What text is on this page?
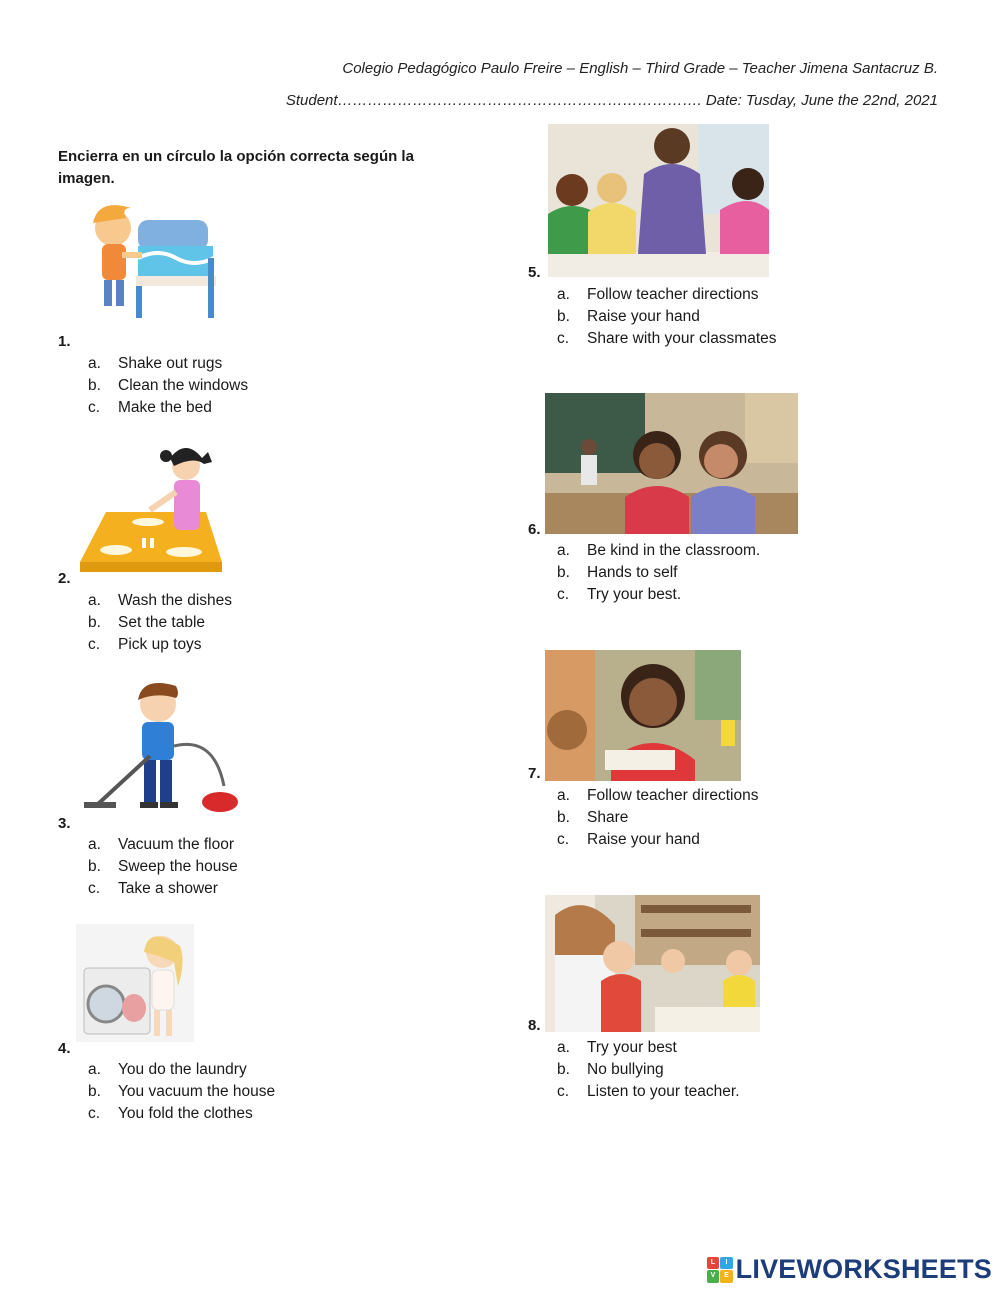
Colegio Pedagógico Paulo Freire – English – Third Grade – Teacher Jimena Santacruz B.
Student………………………………………………………………. Date: Tusday, June the 22nd, 2021
Encierra en un círculo la opción correcta según la imagen.
1.
a.	Shake out rugs
b.	Clean the windows
c.	Make the bed
2.
a.	Wash the dishes
b.	Set the table
c.	Pick up toys
3.
a.	Vacuum the floor
b.	Sweep the house
c.	Take a shower
4.
a.	You do the laundry
b.	You vacuum the house
c.	You fold the clothes
5.
a.	Follow teacher directions
b.	Raise your hand
c.	Share with your classmates
6.
a.	Be kind in the classroom.
b.	Hands to self
c.	Try your best.
7.
a.	Follow teacher directions
b.	Share
c.	Raise your hand
8.
a.	Try your best
b.	No bullying
c.	Listen to your teacher.
L	I
V	E LIVEWORKSHEETS
